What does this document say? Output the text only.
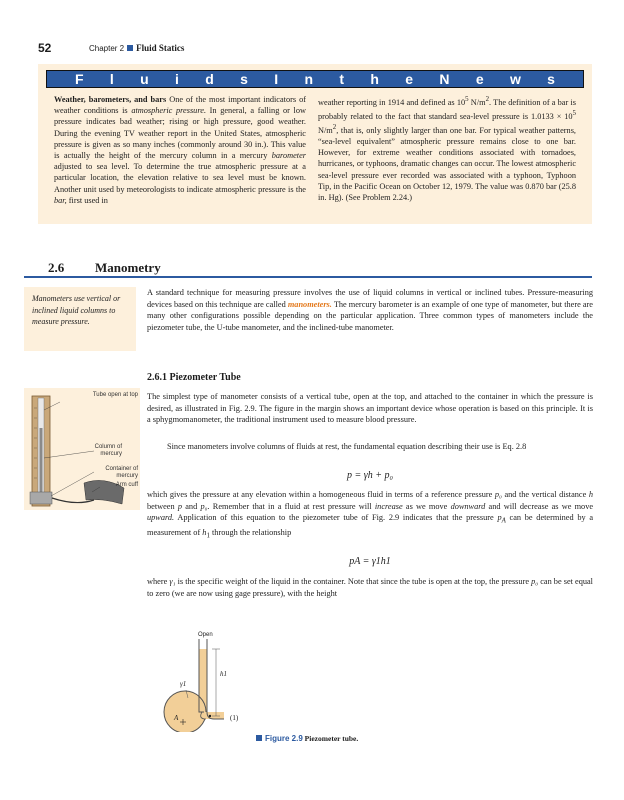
52	Chapter 2 Fluid Statics
F l u i d s I n t h e N e w s
Weather, barometers, and bars One of the most important indicators of weather conditions is atmospheric pressure. In general, a falling or low pressure indicates bad weather; rising or high pressure, good weather. During the evening TV weather report in the United States, atmospheric pressure is given as so many inches (commonly around 30 in.). This value is actually the height of the mercury column in a mercury barometer adjusted to sea level. To determine the true atmospheric pressure at a particular location, the elevation relative to sea level must be known. Another unit used by meteorologists to indicate atmospheric pressure is the bar, first used in
weather reporting in 1914 and defined as $10^5$ $N/m^2$. The definition of a bar is probably related to the fact that standard sea-level pressure is $1.0133 \times 10^5$ $N/m^2$, that is, only slightly larger than one bar. For typical weather patterns, “sea-level equivalent” atmospheric pressure remains close to one bar. However, for extreme weather conditions associated with tornadoes, hurricanes, or typhoons, dramatic changes can occur. The lowest atmospheric sea-level pressure ever recorded was associated with a typhoon, Typhoon Tip, in the Pacific Ocean on October 12, 1979. The value was 0.870 bar (25.8 in. Hg). (See Problem 2.24.)
2.6 Manometry
Manometers use vertical or inclined liquid columns to measure pressure.
A standard technique for measuring pressure involves the use of liquid columns in vertical or inclined tubes. Pressure-measuring devices based on this technique are called manometers. The mercury barometer is an example of one type of manometer, but there are many other configurations possible depending on the particular application. Three common types of manometers include the piezometer tube, the U-tube manometer, and the inclined-tube manometer.
2.6.1 Piezometer Tube
The simplest type of manometer consists of a vertical tube, open at the top, and attached to the container in which the pressure is desired, as illustrated in Fig. 2.9. The figure in the margin shows an important device whose operation is based on this principle. It is a sphygmomanometer, the traditional instrument used to measure blood pressure.
Since manometers involve columns of fluids at rest, the fundamental equation describing their use is Eq. 2.8
p = γh + p₀
which gives the pressure at any elevation within a homogeneous fluid in terms of a reference pressure p₀ and the vertical distance h between p and p₀. Remember that in a fluid at rest pressure will increase as we move downward and will decrease as we move upward. Application of this equation to the piezometer tube of Fig. 2.9 indicates that the pressure $p_A$ can be determined by a measurement of $h_1$ through the relationship
pA = γ1h1
where γ₁ is the specific weight of the liquid in the container. Note that since the tube is open at the top, the pressure p₀ can be set equal to zero (we are now using gage pressure), with the height
Tube open at top
Column of mercury
Container of mercury
Arm cuff
Open
h1
γ1
A	(1)
Figure 2.9 Piezometer tube.
